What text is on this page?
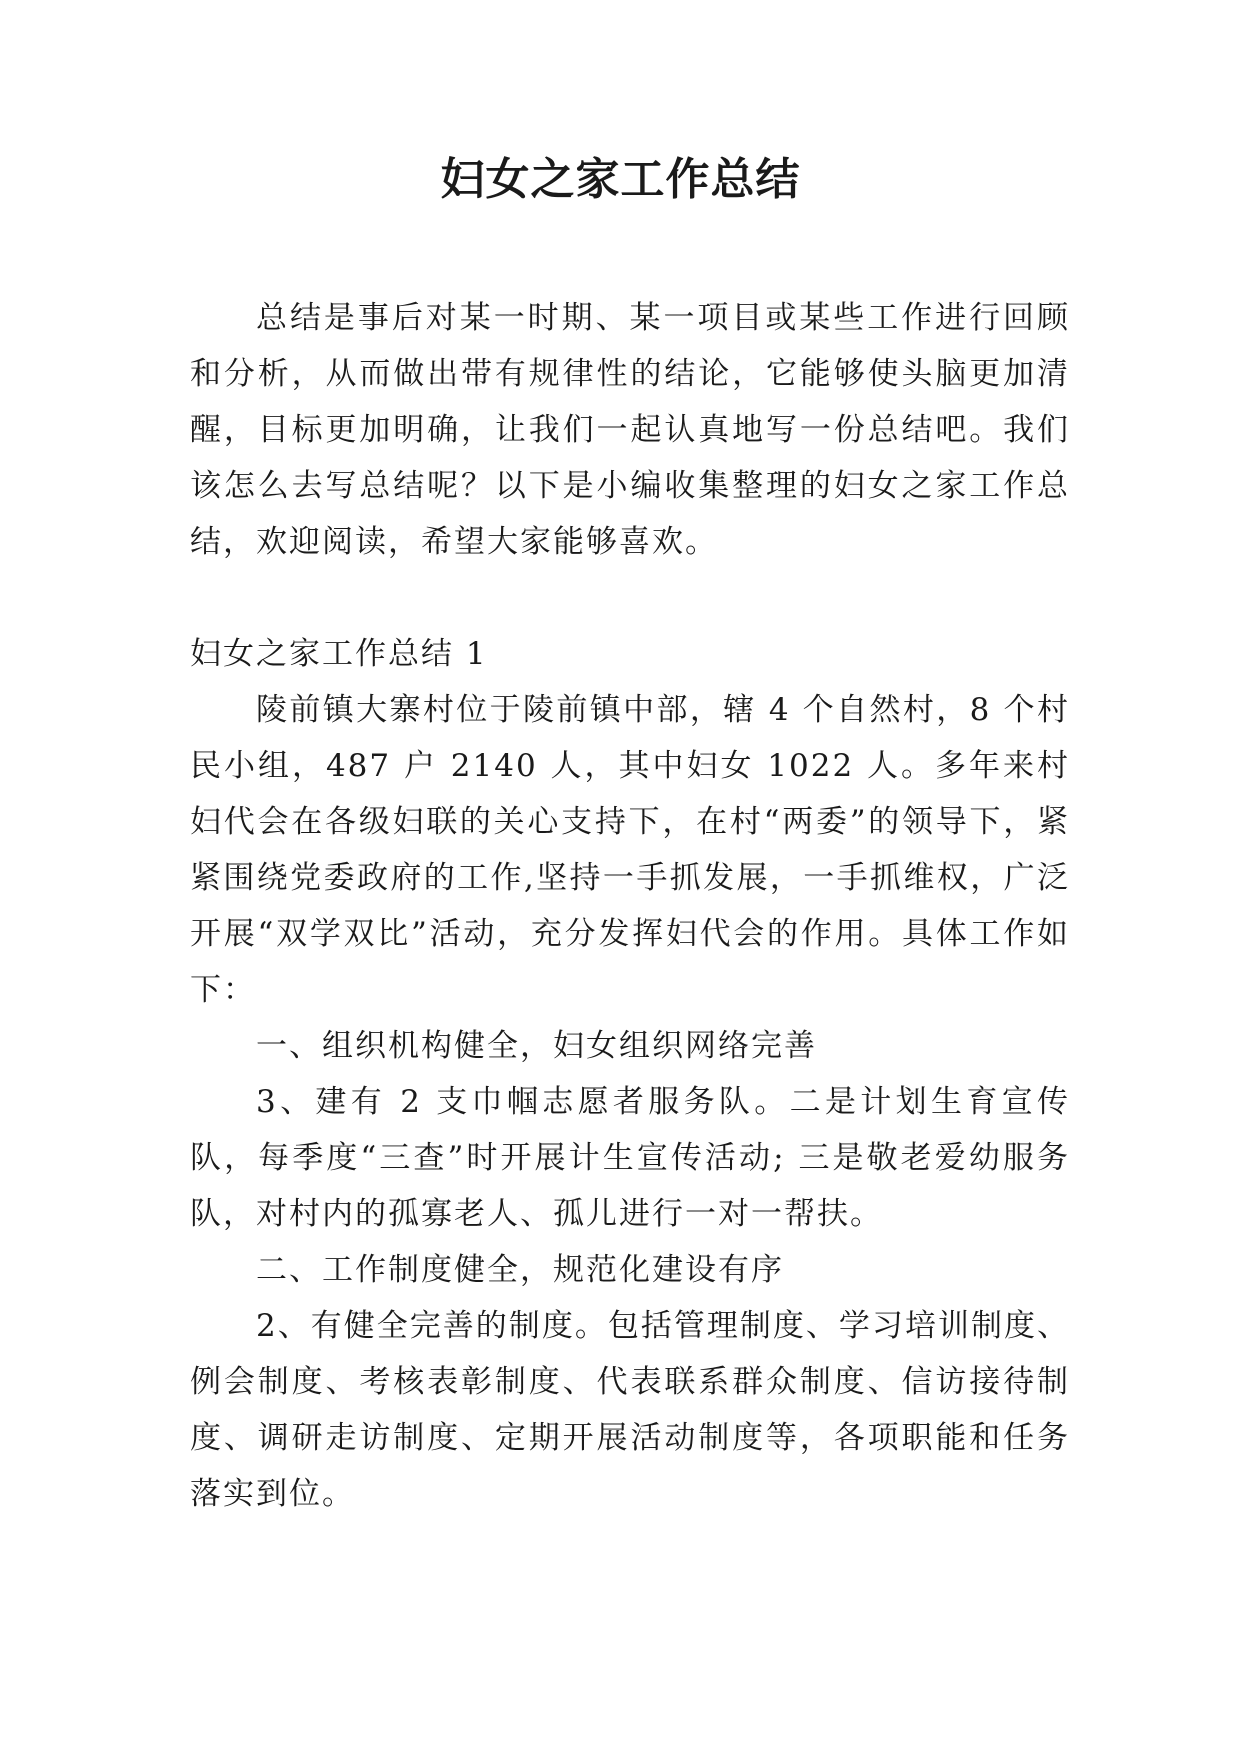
妇女之家工作总结

总结是事后对某一时期、某一项目或某些工作进行回顾和分析，从而做出带有规律性的结论，它能够使头脑更加清醒，目标更加明确，让我们一起认真地写一份总结吧。我们该怎么去写总结呢？以下是小编收集整理的妇女之家工作总结，欢迎阅读，希望大家能够喜欢。

妇女之家工作总结 1

陵前镇大寨村位于陵前镇中部，辖 4 个自然村，8 个村民小组，487 户 2140 人，其中妇女 1022 人。多年来村妇代会在各级妇联的关心支持下，在村“两委”的领导下，紧紧围绕党委政府的工作,坚持一手抓发展，一手抓维权，广泛开展“双学双比”活动，充分发挥妇代会的作用。具体工作如下：

一、组织机构健全，妇女组织网络完善

3、建有 2 支巾帼志愿者服务队。二是计划生育宣传队，每季度“三查”时开展计生宣传活动; 三是敬老爱幼服务队，对村内的孤寡老人、孤儿进行一对一帮扶。

二、工作制度健全，规范化建设有序

2、有健全完善的制度。包括管理制度、学习培训制度、例会制度、考核表彰制度、代表联系群众制度、信访接待制度、调研走访制度、定期开展活动制度等，各项职能和任务落实到位。
